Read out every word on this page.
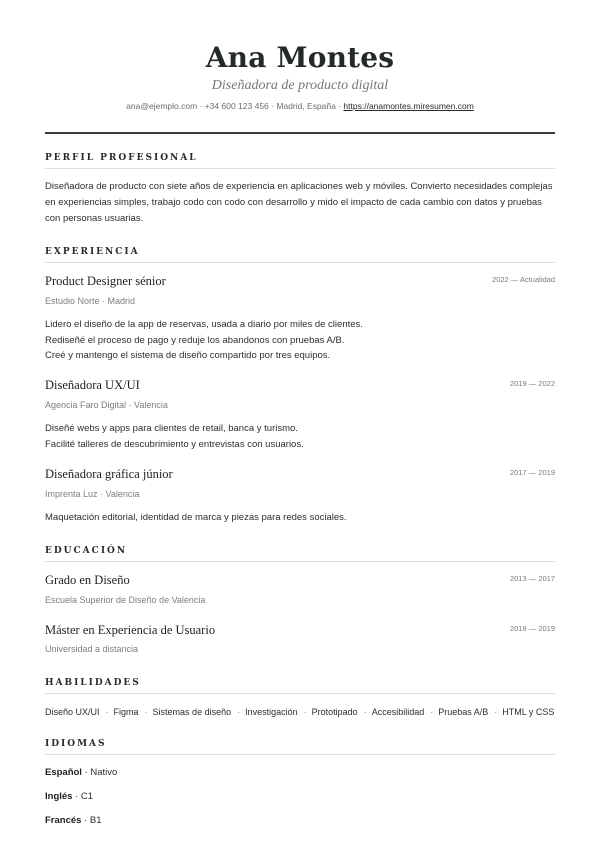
Ana Montes
Diseñadora de producto digital
ana@ejemplo.com · +34 600 123 456 · Madrid, España · https://anamontes.miresumen.com
PERFIL PROFESIONAL
Diseñadora de producto con siete años de experiencia en aplicaciones web y móviles. Convierto necesidades complejas en experiencias simples, trabajo codo con codo con desarrollo y mido el impacto de cada cambio con datos y pruebas con personas usuarias.
EXPERIENCIA
Product Designer sénior	2022 — Actualidad
Estudio Norte · Madrid
Lidero el diseño de la app de reservas, usada a diario por miles de clientes.
Rediseñé el proceso de pago y reduje los abandonos con pruebas A/B.
Creé y mantengo el sistema de diseño compartido por tres equipos.
Diseñadora UX/UI	2019 — 2022
Agencia Faro Digital · Valencia
Diseñé webs y apps para clientes de retail, banca y turismo.
Facilité talleres de descubrimiento y entrevistas con usuarios.
Diseñadora gráfica júnior	2017 — 2019
Imprenta Luz · Valencia
Maquetación editorial, identidad de marca y piezas para redes sociales.
EDUCACIÓN
Grado en Diseño	2013 — 2017
Escuela Superior de Diseño de Valencia
Máster en Experiencia de Usuario	2018 — 2019
Universidad a distancia
HABILIDADES
Diseño UX/UI · Figma · Sistemas de diseño · Investigación · Prototipado · Accesibilidad · Pruebas A/B · HTML y CSS
IDIOMAS
Español · Nativo
Inglés · C1
Francés · B1
